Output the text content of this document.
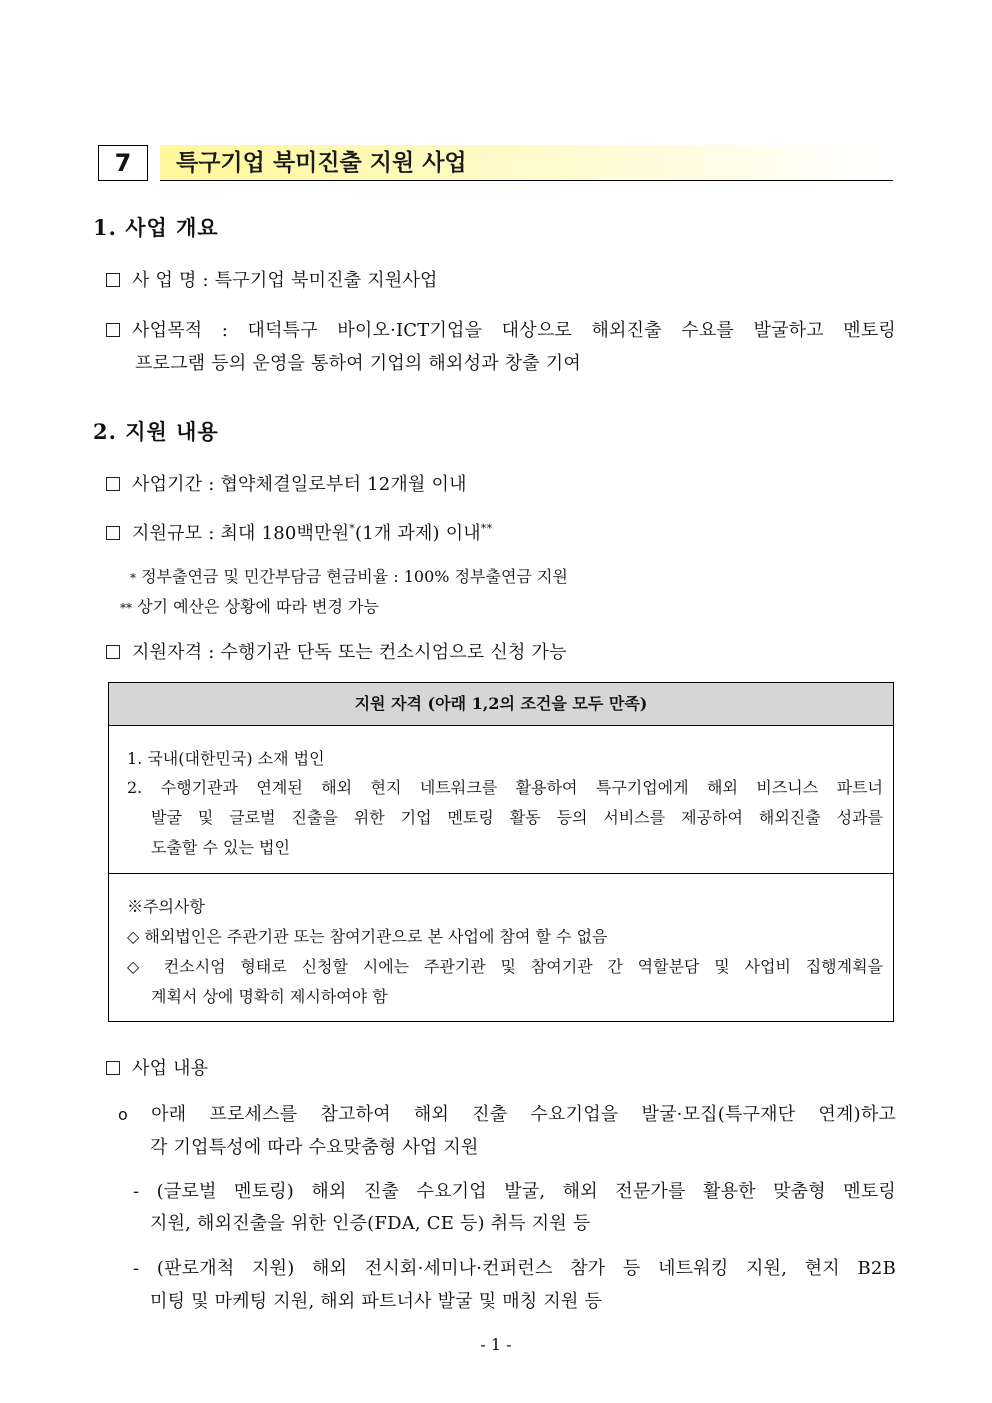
7	특구기업 북미진출 지원 사업
1. 사업 개요
사 업 명 : 특구기업 북미진출 지원사업
사업목적 : 대덕특구 바이오·ICT기업을 대상으로 해외진출 수요를 발굴하고 멘토링
프로그램 등의 운영을 통하여 기업의 해외성과 창출 기여
2. 지원 내용
사업기간 : 협약체결일로부터 12개월 이내
지원규모 : 최대 180백만원*(1개 과제) 이내**
* 정부출연금 및 민간부담금 현금비율 : 100% 정부출연금 지원
** 상기 예산은 상황에 따라 변경 가능
지원자격 : 수행기관 단독 또는 컨소시엄으로 신청 가능
지원 자격 (아래 1,2의 조건을 모두 만족)
1. 국내(대한민국) 소재 법인
2. 수행기관과 연계된 해외 현지 네트워크를 활용하여 특구기업에게 해외 비즈니스 파트너
발굴 및 글로벌 진출을 위한 기업 멘토링 활동 등의 서비스를 제공하여 해외진출 성과를
도출할 수 있는 법인
※주의사항
◇ 해외법인은 주관기관 또는 참여기관으로 본 사업에 참여 할 수 없음
◇ 컨소시엄 형태로 신청할 시에는 주관기관 및 참여기관 간 역할분담 및 사업비 집행계획을
계획서 상에 명확히 제시하여야 함
사업 내용
o 아래 프로세스를 참고하여 해외 진출 수요기업을 발굴·모집(특구재단 연계)하고
각 기업특성에 따라 수요맞춤형 사업 지원
- (글로벌 멘토링) 해외 진출 수요기업 발굴, 해외 전문가를 활용한 맞춤형 멘토링
지원, 해외진출을 위한 인증(FDA, CE 등) 취득 지원 등
- (판로개척 지원) 해외 전시회·세미나·컨퍼런스 참가 등 네트워킹 지원, 현지 B2B
미팅 및 마케팅 지원, 해외 파트너사 발굴 및 매칭 지원 등
- 1 -
